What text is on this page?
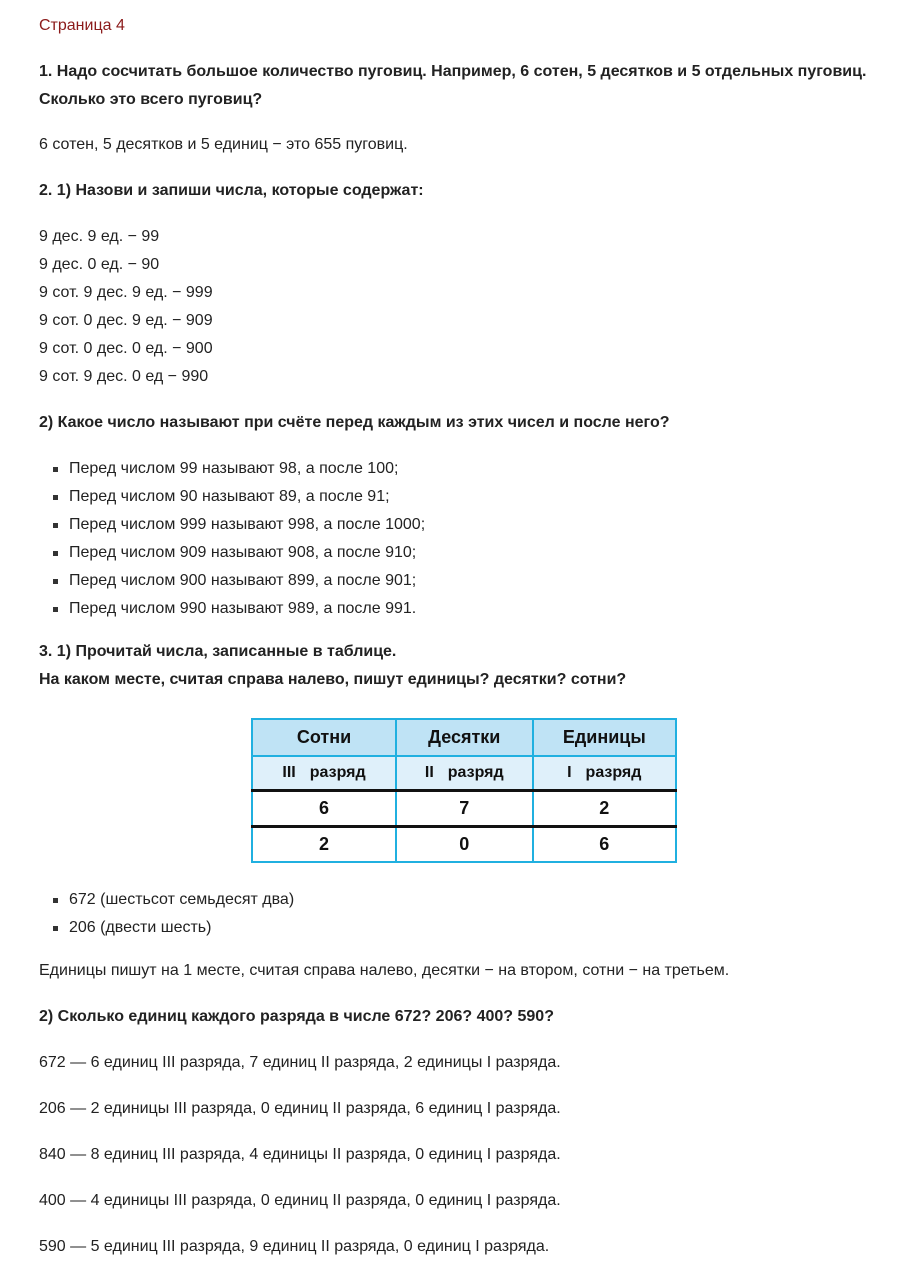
Страница 4
1. Надо сосчитать большое количество пуговиц. Например, 6 сотен, 5 десятков и 5 отдельных пуговиц. Сколько это всего пуговиц?
6 сотен, 5 десятков и 5 единиц − это 655 пуговиц.
2. 1) Назови и запиши числа, которые содержат:
9 дес. 9 ед. − 99
9 дес. 0 ед. − 90
9 сот. 9 дес. 9 ед. − 999
9 сот. 0 дес. 9 ед. − 909
9 сот. 0 дес. 0 ед. − 900
9 сот. 9 дес. 0 ед − 990
2) Какое число называют при счёте перед каждым из этих чисел и после него?
Перед числом 99 называют 98, а после 100;
Перед числом 90 называют 89, а после 91;
Перед числом 999 называют 998, а после 1000;
Перед числом 909 называют 908, а после 910;
Перед числом 900 называют 899, а после 901;
Перед числом 990 называют 989, а после 991.
3. 1) Прочитай числа, записанные в таблице.
На каком месте, считая справа налево, пишут единицы? десятки? сотни?
Сотни	Десятки	Единицы
III разряд	II разряд	I разряд
6	7	2
2	0	6
672 (шестьсот семьдесят два)
206 (двести шесть)
Единицы пишут на 1 месте, считая справа налево, десятки − на втором, сотни − на третьем.
2) Сколько единиц каждого разряда в числе 672? 206? 400? 590?
672 — 6 единиц III разряда, 7 единиц II разряда, 2 единицы I разряда.
206 — 2 единицы III разряда, 0 единиц II разряда, 6 единиц I разряда.
840 — 8 единиц III разряда, 4 единицы II разряда, 0 единиц I разряда.
400 — 4 единицы III разряда, 0 единиц II разряда, 0 единиц I разряда.
590 — 5 единиц III разряда, 9 единиц II разряда, 0 единиц I разряда.
